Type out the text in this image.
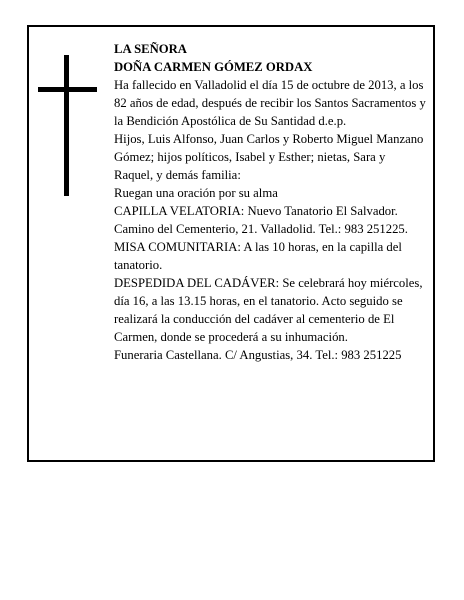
LA SEÑORA

DOÑA CARMEN GÓMEZ ORDAX

Ha fallecido en Valladolid el día 15 de octubre de 2013, a los 82 años de edad, después de recibir los Santos Sacramentos y la Bendición Apostólica de Su Santidad d.e.p.

Hijos, Luis Alfonso, Juan Carlos y Roberto Miguel Manzano Gómez; hijos políticos, Isabel y Esther; nietas, Sara y Raquel, y demás familia:

Ruegan una oración por su alma

CAPILLA VELATORIA: Nuevo Tanatorio El Salvador. Camino del Cementerio, 21. Valladolid. Tel.: 983 251225.

MISA COMUNITARIA: A las 10 horas, en la capilla del tanatorio.

DESPEDIDA DEL CADÁVER: Se celebrará hoy miércoles, día 16, a las 13.15 horas, en el tanatorio. Acto seguido se realizará la conducción del cadáver al cementerio de El Carmen, donde se procederá a su inhumación.

Funeraria Castellana. C/ Angustias, 34. Tel.: 983 251225
